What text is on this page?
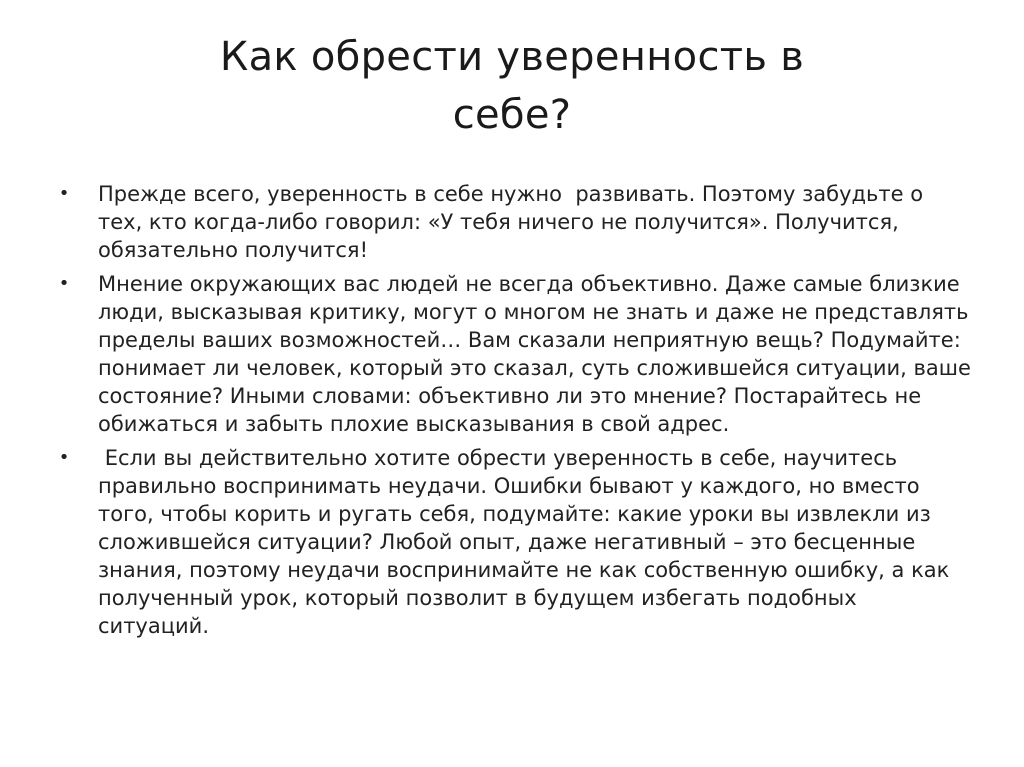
Как обрести уверенность в
себе?
• Прежде всего, уверенность в себе нужно  развивать. Поэтому забудьте о тех, кто когда-либо говорил: «У тебя ничего не получится». Получится, обязательно получится!
• Мнение окружающих вас людей не всегда объективно. Даже самые близкие люди, высказывая критику, могут о многом не знать и даже не представлять пределы ваших возможностей… Вам сказали неприятную вещь? Подумайте: понимает ли человек, который это сказал, суть сложившейся ситуации, ваше состояние? Иными словами: объективно ли это мнение? Постарайтесь не обижаться и забыть плохие высказывания в свой адрес.
• Если вы действительно хотите обрести уверенность в себе, научитесь правильно воспринимать неудачи. Ошибки бывают у каждого, но вместо того, чтобы корить и ругать себя, подумайте: какие уроки вы извлекли из сложившейся ситуации? Любой опыт, даже негативный – это бесценные знания, поэтому неудачи воспринимайте не как собственную ошибку, а как полученный урок, который позволит в будущем избегать подобных ситуаций.
